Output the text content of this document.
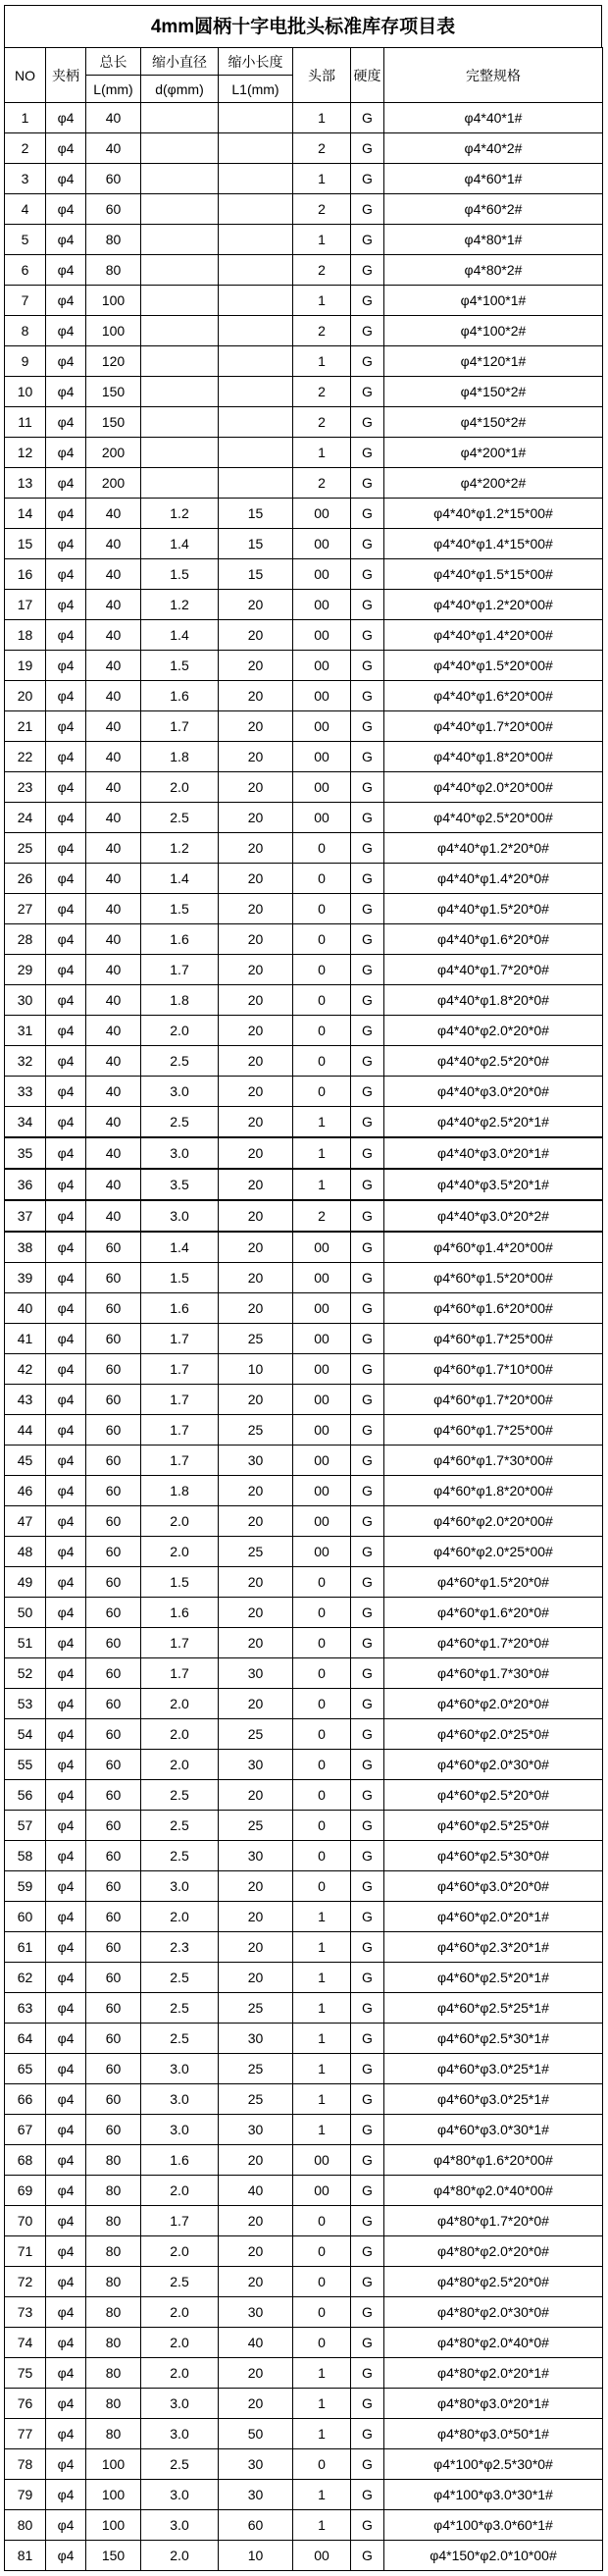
4mm圆柄十字电批头标准库存项目表
NO	夹柄	总长	缩小直径	缩小长度	头部	硬度	完整规格
		L(mm)	d(φmm)	L1(mm)			
1	φ4	40			1	G	φ4*40*1#
2	φ4	40			2	G	φ4*40*2#
3	φ4	60			1	G	φ4*60*1#
4	φ4	60			2	G	φ4*60*2#
5	φ4	80			1	G	φ4*80*1#
6	φ4	80			2	G	φ4*80*2#
7	φ4	100			1	G	φ4*100*1#
8	φ4	100			2	G	φ4*100*2#
9	φ4	120			1	G	φ4*120*1#
10	φ4	150			2	G	φ4*150*2#
11	φ4	150			2	G	φ4*150*2#
12	φ4	200			1	G	φ4*200*1#
13	φ4	200			2	G	φ4*200*2#
14	φ4	40	1.2	15	00	G	φ4*40*φ1.2*15*00#
15	φ4	40	1.4	15	00	G	φ4*40*φ1.4*15*00#
16	φ4	40	1.5	15	00	G	φ4*40*φ1.5*15*00#
17	φ4	40	1.2	20	00	G	φ4*40*φ1.2*20*00#
18	φ4	40	1.4	20	00	G	φ4*40*φ1.4*20*00#
19	φ4	40	1.5	20	00	G	φ4*40*φ1.5*20*00#
20	φ4	40	1.6	20	00	G	φ4*40*φ1.6*20*00#
21	φ4	40	1.7	20	00	G	φ4*40*φ1.7*20*00#
22	φ4	40	1.8	20	00	G	φ4*40*φ1.8*20*00#
23	φ4	40	2.0	20	00	G	φ4*40*φ2.0*20*00#
24	φ4	40	2.5	20	00	G	φ4*40*φ2.5*20*00#
25	φ4	40	1.2	20	0	G	φ4*40*φ1.2*20*0#
26	φ4	40	1.4	20	0	G	φ4*40*φ1.4*20*0#
27	φ4	40	1.5	20	0	G	φ4*40*φ1.5*20*0#
28	φ4	40	1.6	20	0	G	φ4*40*φ1.6*20*0#
29	φ4	40	1.7	20	0	G	φ4*40*φ1.7*20*0#
30	φ4	40	1.8	20	0	G	φ4*40*φ1.8*20*0#
31	φ4	40	2.0	20	0	G	φ4*40*φ2.0*20*0#
32	φ4	40	2.5	20	0	G	φ4*40*φ2.5*20*0#
33	φ4	40	3.0	20	0	G	φ4*40*φ3.0*20*0#
34	φ4	40	2.5	20	1	G	φ4*40*φ2.5*20*1#
35	φ4	40	3.0	20	1	G	φ4*40*φ3.0*20*1#
36	φ4	40	3.5	20	1	G	φ4*40*φ3.5*20*1#
37	φ4	40	3.0	20	2	G	φ4*40*φ3.0*20*2#
38	φ4	60	1.4	20	00	G	φ4*60*φ1.4*20*00#
39	φ4	60	1.5	20	00	G	φ4*60*φ1.5*20*00#
40	φ4	60	1.6	20	00	G	φ4*60*φ1.6*20*00#
41	φ4	60	1.7	25	00	G	φ4*60*φ1.7*25*00#
42	φ4	60	1.7	10	00	G	φ4*60*φ1.7*10*00#
43	φ4	60	1.7	20	00	G	φ4*60*φ1.7*20*00#
44	φ4	60	1.7	25	00	G	φ4*60*φ1.7*25*00#
45	φ4	60	1.7	30	00	G	φ4*60*φ1.7*30*00#
46	φ4	60	1.8	20	00	G	φ4*60*φ1.8*20*00#
47	φ4	60	2.0	20	00	G	φ4*60*φ2.0*20*00#
48	φ4	60	2.0	25	00	G	φ4*60*φ2.0*25*00#
49	φ4	60	1.5	20	0	G	φ4*60*φ1.5*20*0#
50	φ4	60	1.6	20	0	G	φ4*60*φ1.6*20*0#
51	φ4	60	1.7	20	0	G	φ4*60*φ1.7*20*0#
52	φ4	60	1.7	30	0	G	φ4*60*φ1.7*30*0#
53	φ4	60	2.0	20	0	G	φ4*60*φ2.0*20*0#
54	φ4	60	2.0	25	0	G	φ4*60*φ2.0*25*0#
55	φ4	60	2.0	30	0	G	φ4*60*φ2.0*30*0#
56	φ4	60	2.5	20	0	G	φ4*60*φ2.5*20*0#
57	φ4	60	2.5	25	0	G	φ4*60*φ2.5*25*0#
58	φ4	60	2.5	30	0	G	φ4*60*φ2.5*30*0#
59	φ4	60	3.0	20	0	G	φ4*60*φ3.0*20*0#
60	φ4	60	2.0	20	1	G	φ4*60*φ2.0*20*1#
61	φ4	60	2.3	20	1	G	φ4*60*φ2.3*20*1#
62	φ4	60	2.5	20	1	G	φ4*60*φ2.5*20*1#
63	φ4	60	2.5	25	1	G	φ4*60*φ2.5*25*1#
64	φ4	60	2.5	30	1	G	φ4*60*φ2.5*30*1#
65	φ4	60	3.0	25	1	G	φ4*60*φ3.0*25*1#
66	φ4	60	3.0	25	1	G	φ4*60*φ3.0*25*1#
67	φ4	60	3.0	30	1	G	φ4*60*φ3.0*30*1#
68	φ4	80	1.6	20	00	G	φ4*80*φ1.6*20*00#
69	φ4	80	2.0	40	00	G	φ4*80*φ2.0*40*00#
70	φ4	80	1.7	20	0	G	φ4*80*φ1.7*20*0#
71	φ4	80	2.0	20	0	G	φ4*80*φ2.0*20*0#
72	φ4	80	2.5	20	0	G	φ4*80*φ2.5*20*0#
73	φ4	80	2.0	30	0	G	φ4*80*φ2.0*30*0#
74	φ4	80	2.0	40	0	G	φ4*80*φ2.0*40*0#
75	φ4	80	2.0	20	1	G	φ4*80*φ2.0*20*1#
76	φ4	80	3.0	20	1	G	φ4*80*φ3.0*20*1#
77	φ4	80	3.0	50	1	G	φ4*80*φ3.0*50*1#
78	φ4	100	2.5	30	0	G	φ4*100*φ2.5*30*0#
79	φ4	100	3.0	30	1	G	φ4*100*φ3.0*30*1#
80	φ4	100	3.0	60	1	G	φ4*100*φ3.0*60*1#
81	φ4	150	2.0	10	00	G	φ4*150*φ2.0*10*00#
